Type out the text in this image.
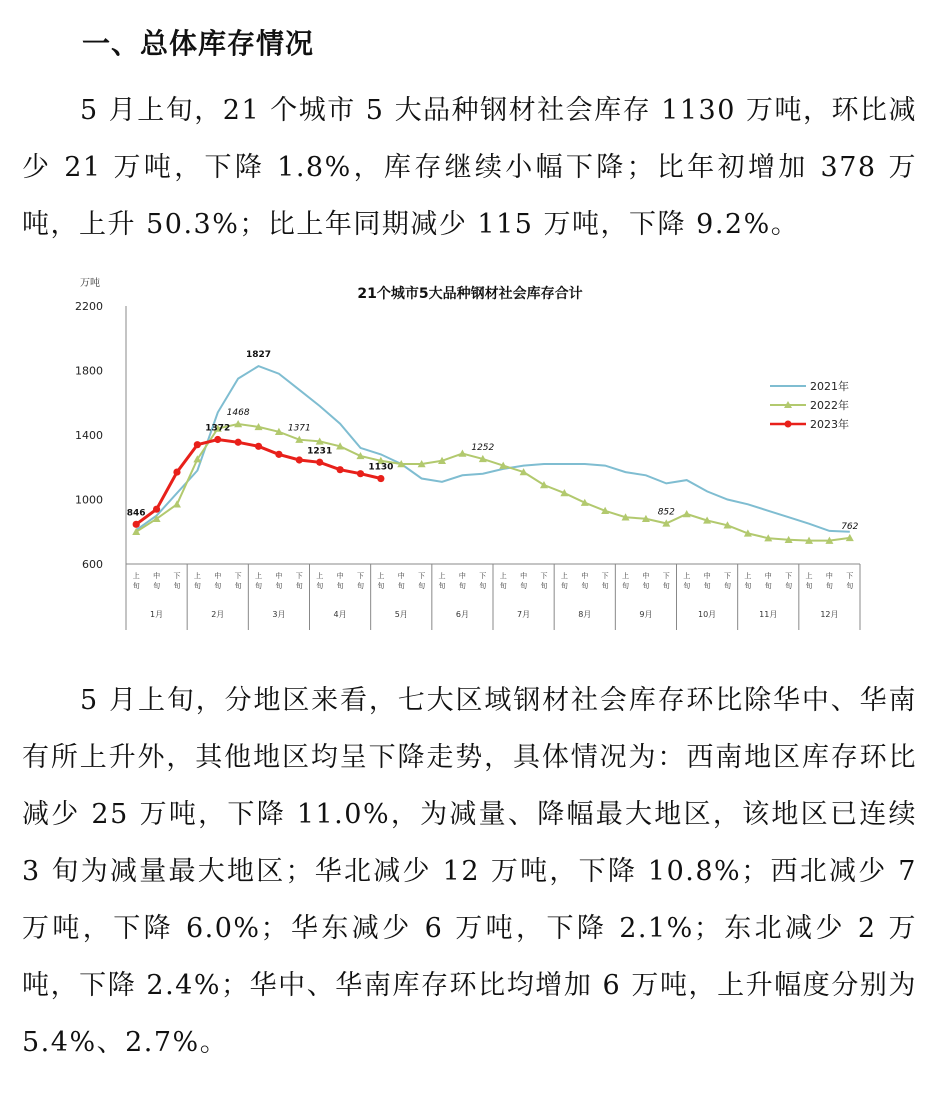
一、总体库存情况

5 月上旬，21 个城市 5 大品种钢材社会库存 1130 万吨，环比减少 21 万吨，下降 1.8%，库存继续小幅下降；比年初增加 378 万吨，上升 50.3%；比上年同期减少 115 万吨，下降 9.2%。

21个城市5大品种钢材社会库存合计
万吨
600
1000
1400
1800
2200
上
旬
中
旬
下
旬
上
旬
中
旬
下
旬
上
旬
中
旬
下
旬
上
旬
中
旬
下
旬
上
旬
中
旬
下
旬
上
旬
中
旬
下
旬
上
旬
中
旬
下
旬
上
旬
中
旬
下
旬
上
旬
中
旬
下
旬
上
旬
中
旬
下
旬
上
旬
中
旬
下
旬
上
旬
中
旬
下
旬
1月	2月	3月	4月	5月	6月	7月	8月	9月	10月	11月	12月
846
1372
1231
1130
1827
1468
1371
1252
852
762
2021年
2022年
2023年

5 月上旬，分地区来看，七大区域钢材社会库存环比除华中、华南有所上升外，其他地区均呈下降走势，具体情况为：西南地区库存环比减少 25 万吨，下降 11.0%，为减量、降幅最大地区，该地区已连续 3 旬为减量最大地区；华北减少 12 万吨，下降 10.8%；西北减少 7 万吨，下降 6.0%；华东减少 6 万吨，下降 2.1%；东北减少 2 万吨，下降 2.4%；华中、华南库存环比均增加 6 万吨，上升幅度分别为 5.4%、2.7%。
